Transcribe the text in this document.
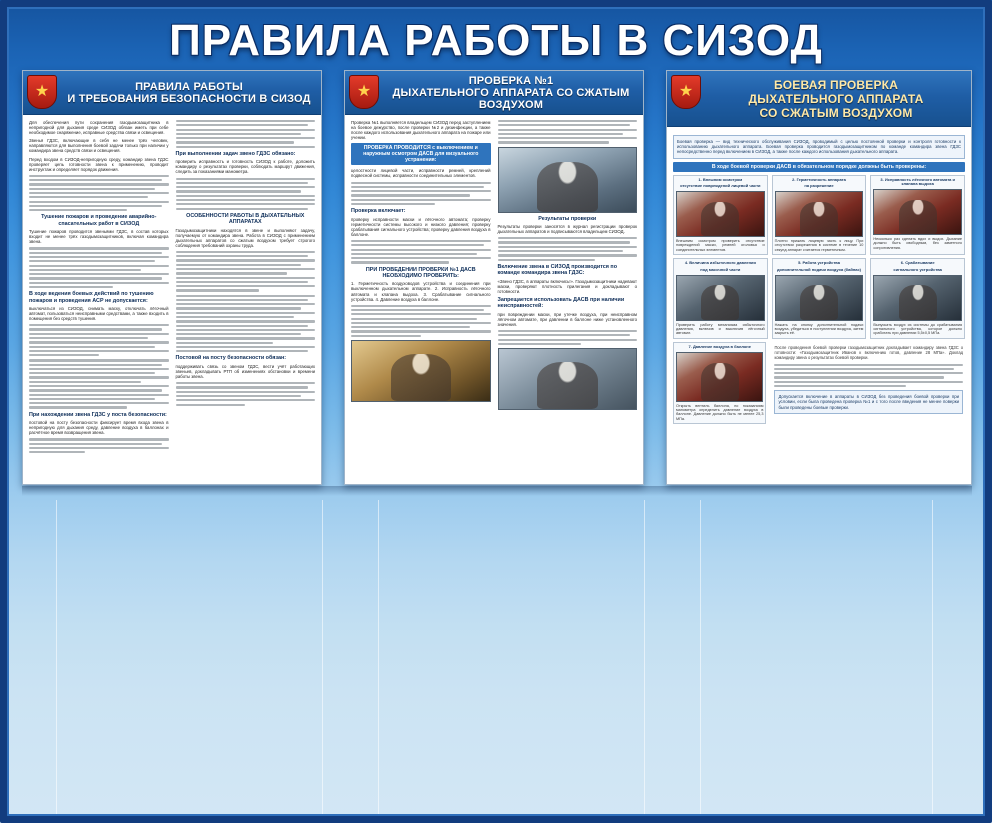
ПРАВИЛА РАБОТЫ В СИЗОД
★	ПРАВИЛА РАБОТЫ
И ТРЕБОВАНИЯ БЕЗОПАСНОСТИ В СИЗОД
Для обеспечения пути сохранения газодымозащитника в непригодной для дыхания среде СИЗОД обязан иметь при себе необходимое снаряжение, исправные средства связи и освещения.
Звенья ГДЗС, включающие в себя не менее трёх человек, направляются для выполнения боевой задачи только при наличии у командира звена средств связи и освещения.
Перед входом в СИЗОД-непригодную среду, командир звена ГДЗС проверяет цепь готовности звена к применению, проводит инструктаж и определяет порядок движения.
Тушение пожаров и проведение аварийно-спасательных работ в СИЗОД
Тушение пожаров проводится звеньями ГДЗС, в состав которых входит не менее трёх газодымозащитников, включая командира звена.
В ходе ведения боевых действий по тушению пожаров и проведения АСР не допускается:
выключаться из СИЗОД, снимать маску, отключать лёгочный автомат, пользоваться неисправными средствами, а также входить в помещения без средств тушения.
При нахождении звена ГДЗС у поста безопасности:
постовой на посту безопасности фиксирует время входа звена в непригодную для дыхания среду, давление воздуха в баллонах и расчётное время возвращения звена.
При выполнении задач звено ГДЗС обязано:
проверить исправность и готовность СИЗОД к работе, доложить командиру о результатах проверки, соблюдать маршрут движения, следить за показаниями манометра.
ОСОБЕННОСТИ РАБОТЫ В ДЫХАТЕЛЬНЫХ АППАРАТАХ
Газодымозащитники находятся в звене и выполняют задачу, получаемую от командира звена. Работа в СИЗОД с применением дыхательных аппаратов со сжатым воздухом требует строгого соблюдения требований охраны труда.
Постовой на посту безопасности обязан:
поддерживать связь со звеном ГДЗС, вести учёт работающих звеньев, докладывать РТП об изменениях обстановки и времени работы звена.
★
ПРОВЕРКА №1
ДЫХАТЕЛЬНОГО АППАРАТА СО СЖАТЫМ ВОЗДУХОМ
Проверка №1 выполняется владельцем СИЗОД перед заступлением на боевое дежурство, после проверки №2 и дезинфекции, а также после каждого использования дыхательного аппарата на пожаре или учении.
ПРОВЕРКА ПРОВОДИТСЯ с выключением и наружным осмотром ДАСВ для визуального устранения:
целостности лицевой части, исправности ремней, креплений подвесной системы, исправности соединительных элементов.
Проверка включает:
проверку исправности маски и лёгочного автомата; проверку герметичности системы высокого и низкого давления; проверку срабатывания сигнального устройства; проверку давления воздуха в баллоне.
ПРИ ПРОВЕДЕНИИ ПРОВЕРКИ №1 ДАСВ НЕОБХОДИМО ПРОВЕРИТЬ:
1. Герметичность воздуховодов устройства и соединения при выключенном дыхательном аппарате. 2. Исправность лёгочного автомата и клапана выдоха. 3. Срабатывание сигнального устройства. 4. Давление воздуха в баллоне.
Результаты проверки
Результаты проверки заносятся в журнал регистрации проверок дыхательных аппаратов и подписываются владельцем СИЗОД.
Включение звена в СИЗОД производится по команде командира звена ГДЗС:
«Звено ГДЗС, в аппараты включись!». Газодымозащитники надевают маски, проверяют плотность прилегания и докладывают о готовности.
Запрещается использовать ДАСВ при наличии неисправностей:
при повреждении маски, при утечке воздуха, при неисправном лёгочном автомате, при давлении в баллоне ниже установленного значения.
★	БОЕВАЯ ПРОВЕРКА
ДЫХАТЕЛЬНОГО АППАРАТА
СО СЖАТЫМ ВОЗДУХОМ
Боевая проверка — вид технического обслуживания СИЗОД, проводимый с целью постоянной проверки и контроля готовности к использованию дыхательного аппарата. Боевая проверка проводится газодымозащитником по команде командира звена ГДЗС непосредственно перед включением в СИЗОД, а также после каждого использования дыхательного аппарата.
В ходе боевой проверки ДАСВ в обязательном порядке должны быть проверены:
1. Внешним осмотром
отсутствие повреждений лицевой части
Внешним осмотром проверить отсутствие повреждений маски, ремней оголовья и соединительных элементов.
2. Герметичность аппарата
на разрежение
Плотно прижать лицевую часть к лицу. При отсутствии разрежения в системе в течение 10 секунд аппарат считается герметичным.
3. Исправность лёгочного автомата и клапана выдоха
Несколько раз сделать вдох и выдох. Дыхание должно быть свободным, без заметного сопротивления.
4. Величина избыточного давления
под масочной части
Проверить работу механизма избыточного давления, включив и выключив лёгочный автомат.
5. Работа устройства
дополнительной подачи воздуха (байпас)
Нажать на кнопку дополнительной подачи воздуха, убедиться в поступлении воздуха, затем закрыть её.
6. Срабатывание
сигнального устройства
Выпускать воздух из системы до срабатывания сигнального устройства, которое должно сработать при давлении 5,5±0,5 МПа.
7. Давление воздуха в баллоне
Открыть вентиль баллона, по показаниям манометра определить давление воздуха в баллоне. Давление должно быть не менее 25,3 МПа.
После проведения боевой проверки газодымозащитник докладывает командиру звена ГДЗС о готовности: «Газодымозащитник Иванов к включению готов, давление 28 МПа». Доклад командиру звена о результатах боевой проверки.
Допускается включение в аппараты в СИЗОД без проведения боевой проверки при условии, если была проведена проверка №1 и с того после введения не менее поверки были проведены боевые проверки.
